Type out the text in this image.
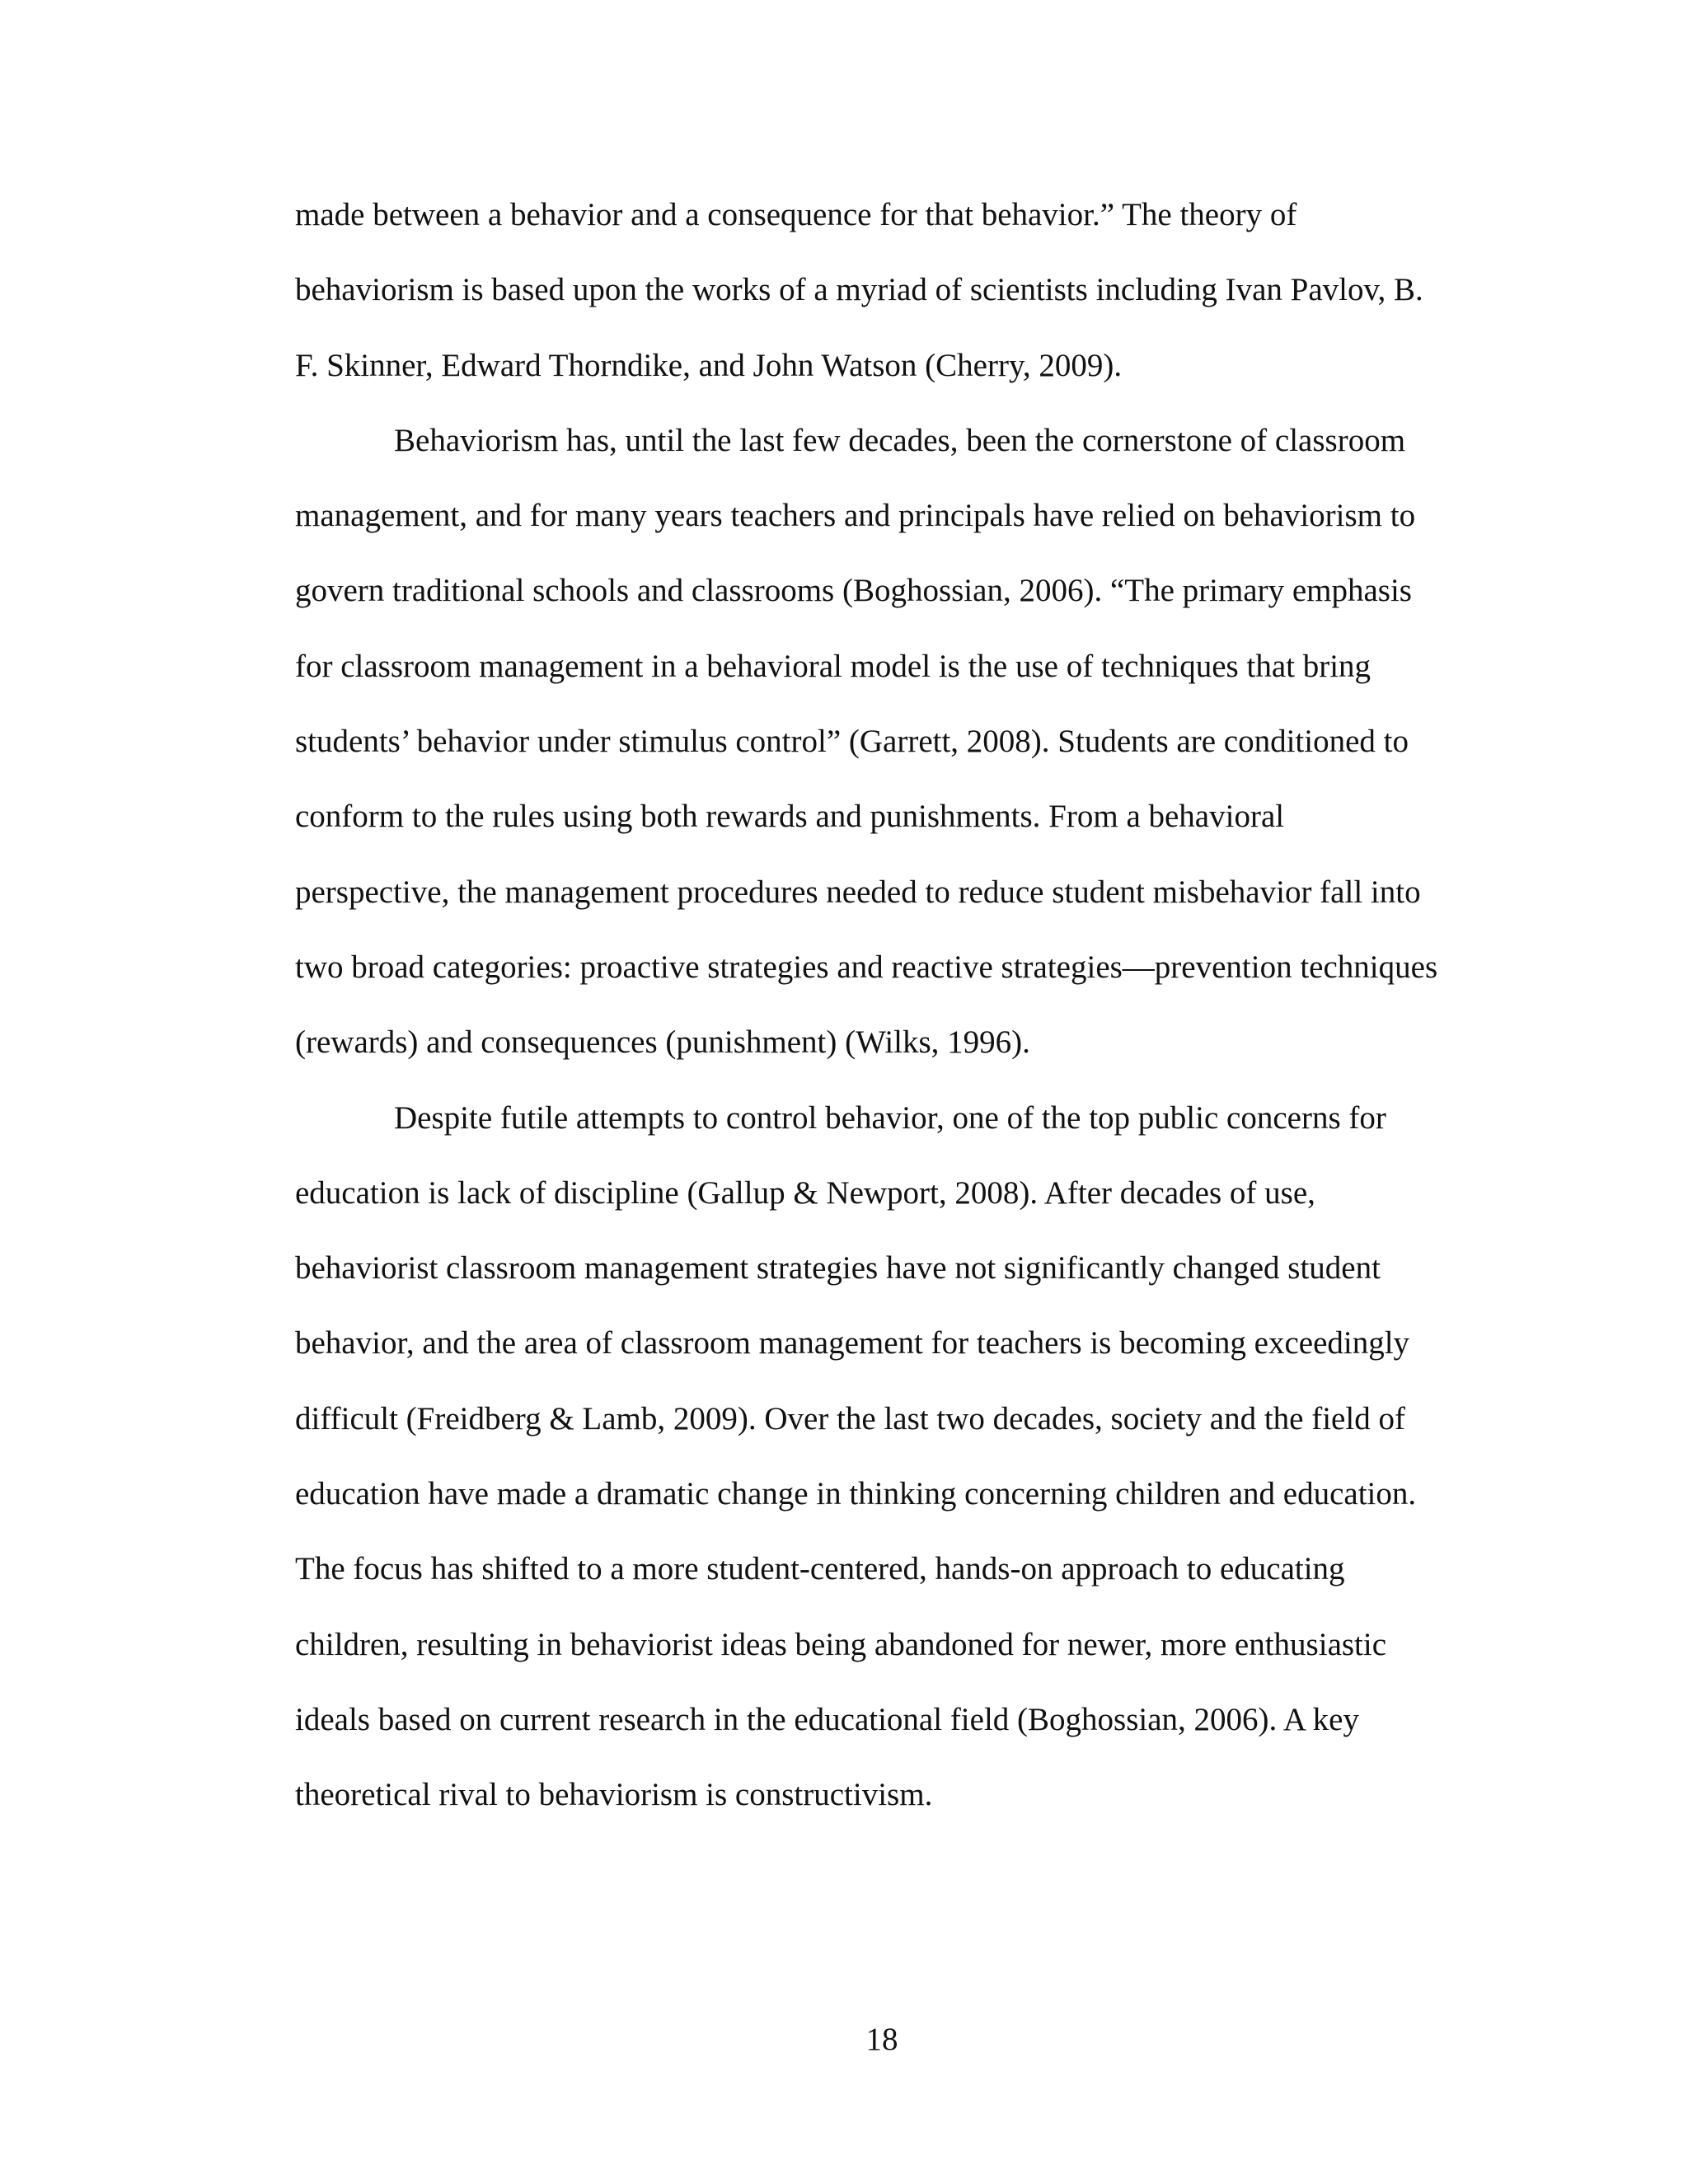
made between a behavior and a consequence for that behavior.” The theory of
behaviorism is based upon the works of a myriad of scientists including Ivan Pavlov, B.
F. Skinner, Edward Thorndike, and John Watson (Cherry, 2009).
Behaviorism has, until the last few decades, been the cornerstone of classroom
management, and for many years teachers and principals have relied on behaviorism to
govern traditional schools and classrooms (Boghossian, 2006). “The primary emphasis
for classroom management in a behavioral model is the use of techniques that bring
students’ behavior under stimulus control” (Garrett, 2008). Students are conditioned to
conform to the rules using both rewards and punishments. From a behavioral
perspective, the management procedures needed to reduce student misbehavior fall into
two broad categories: proactive strategies and reactive strategies—prevention techniques
(rewards) and consequences (punishment) (Wilks, 1996).
Despite futile attempts to control behavior, one of the top public concerns for
education is lack of discipline (Gallup & Newport, 2008). After decades of use,
behaviorist classroom management strategies have not significantly changed student
behavior, and the area of classroom management for teachers is becoming exceedingly
difficult (Freidberg & Lamb, 2009). Over the last two decades, society and the field of
education have made a dramatic change in thinking concerning children and education.
The focus has shifted to a more student-centered, hands-on approach to educating
children, resulting in behaviorist ideas being abandoned for newer, more enthusiastic
ideals based on current research in the educational field (Boghossian, 2006). A key
theoretical rival to behaviorism is constructivism.
18
